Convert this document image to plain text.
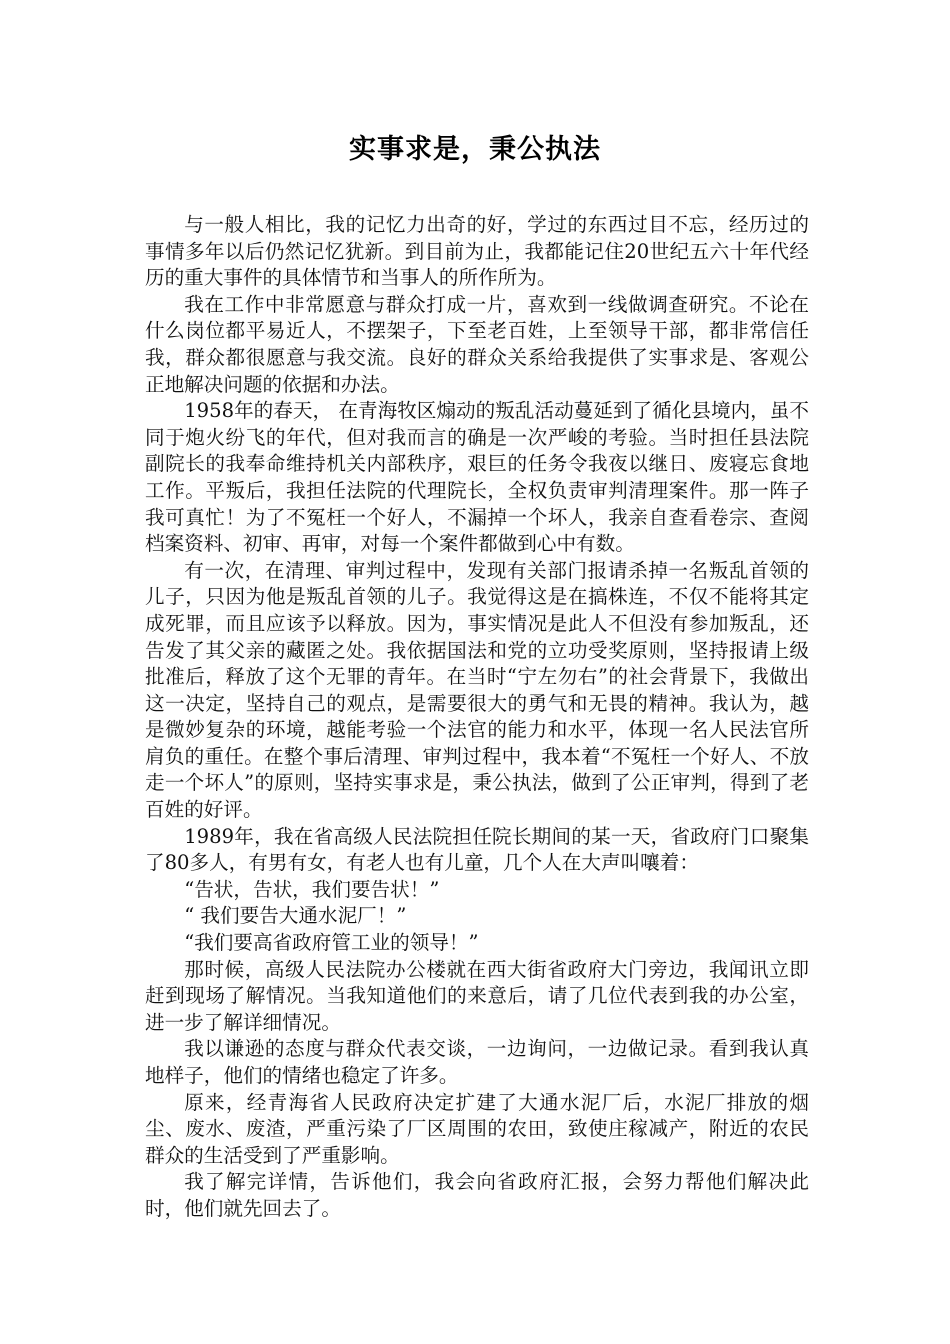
实事求是，秉公执法

与一般人相比，我的记忆力出奇的好，学过的东西过目不忘，经历过的事情多年以后仍然记忆犹新。到目前为止，我都能记住20世纪五六十年代经历的重大事件的具体情节和当事人的所作所为。

我在工作中非常愿意与群众打成一片，喜欢到一线做调查研究。不论在什么岗位都平易近人，不摆架子，下至老百姓，上至领导干部，都非常信任我，群众都很愿意与我交流。良好的群众关系给我提供了实事求是、客观公正地解决问题的依据和办法。

1958年的春天， 在青海牧区煽动的叛乱活动蔓延到了循化县境内，虽不同于炮火纷飞的年代，但对我而言的确是一次严峻的考验。当时担任县法院副院长的我奉命维持机关内部秩序，艰巨的任务令我夜以继日、废寝忘食地工作。平叛后，我担任法院的代理院长，全权负责审判清理案件。那一阵子我可真忙！为了不冤枉一个好人，不漏掉一个坏人，我亲自查看卷宗、查阅档案资料、初审、再审，对每一个案件都做到心中有数。

有一次，在清理、审判过程中，发现有关部门报请杀掉一名叛乱首领的儿子，只因为他是叛乱首领的儿子。我觉得这是在搞株连，不仅不能将其定成死罪，而且应该予以释放。因为，事实情况是此人不但没有参加叛乱，还告发了其父亲的藏匿之处。我依据国法和党的立功受奖原则，坚持报请上级批准后，释放了这个无罪的青年。在当时“宁左勿右”的社会背景下，我做出这一决定，坚持自己的观点，是需要很大的勇气和无畏的精神。我认为，越是微妙复杂的环境，越能考验一个法官的能力和水平，体现一名人民法官所肩负的重任。在整个事后清理、审判过程中，我本着“不冤枉一个好人、不放走一个坏人”的原则，坚持实事求是，秉公执法，做到了公正审判，得到了老百姓的好评。

1989年，我在省高级人民法院担任院长期间的某一天，省政府门口聚集了80多人，有男有女，有老人也有儿童，几个人在大声叫嚷着：

“告状，告状，我们要告状！”

“ 我们要告大通水泥厂！”

“我们要高省政府管工业的领导！”

那时候，高级人民法院办公楼就在西大街省政府大门旁边，我闻讯立即赶到现场了解情况。当我知道他们的来意后，请了几位代表到我的办公室，进一步了解详细情况。

我以谦逊的态度与群众代表交谈，一边询问，一边做记录。看到我认真地样子，他们的情绪也稳定了许多。

原来，经青海省人民政府决定扩建了大通水泥厂后，水泥厂排放的烟尘、废水、废渣，严重污染了厂区周围的农田，致使庄稼减产，附近的农民群众的生活受到了严重影响。

我了解完详情，告诉他们，我会向省政府汇报，会努力帮他们解决此时，他们就先回去了。
